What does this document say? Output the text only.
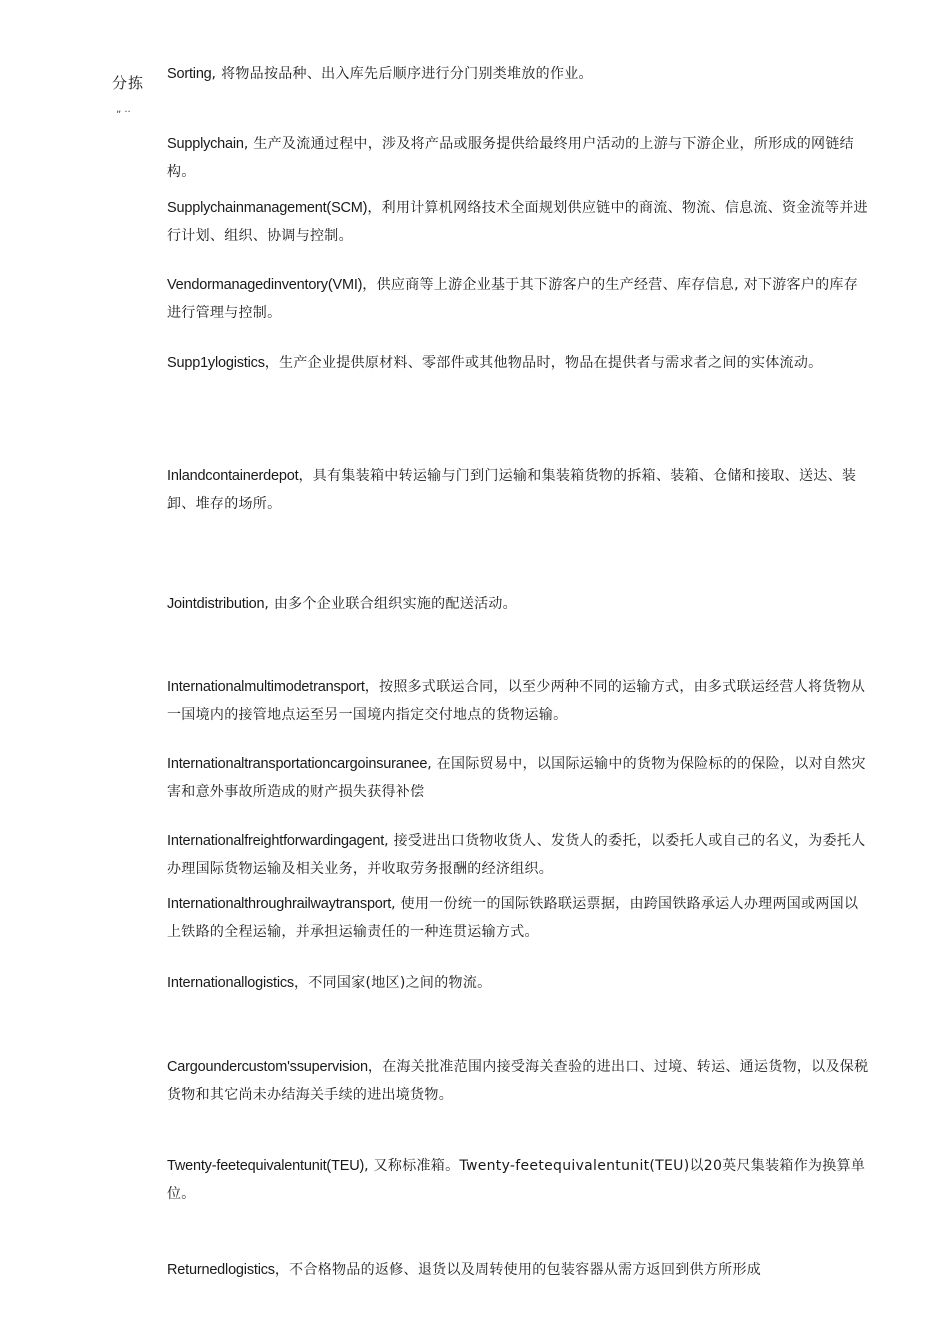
分拣
„ ..

Sorting, 将物品按品种、出入库先后顺序进行分门别类堆放的作业。

Supplychain, 生产及流通过程中，涉及将产品或服务提供给最终用户活动的上游与下游企业，所形成的网链结构。

Supplychainmanagement(SCM)，利用计算机网络技术全面规划供应链中的商流、物流、信息流、资金流等并进行计划、组织、协调与控制。

Vendormanagedinventory(VMI)，供应商等上游企业基于其下游客户的生产经营、库存信息, 对下游客户的库存进行管理与控制。

Supp1ylogistics，生产企业提供原材料、零部件或其他物品时，物品在提供者与需求者之间的实体流动。

Inlandcontainerdepot，具有集装箱中转运输与门到门运输和集装箱货物的拆箱、装箱、仓储和接取、送达、装卸、堆存的场所。

Jointdistribution, 由多个企业联合组织实施的配送活动。

Internationalmultimodetransport，按照多式联运合同，以至少两种不同的运输方式，由多式联运经营人将货物从一国境内的接管地点运至另一国境内指定交付地点的货物运输。

Internationaltransportationcargoinsuranee, 在国际贸易中，以国际运输中的货物为保险标的的保险，以对自然灾害和意外事故所造成的财产损失获得补偿

Internationalfreightforwardingagent, 接受进出口货物收货人、发货人的委托，以委托人或自己的名义，为委托人办理国际货物运输及相关业务，并收取劳务报酬的经济组织。

Internationalthroughrailwaytransport, 使用一份统一的国际铁路联运票据，由跨国铁路承运人办理两国或两国以上铁路的全程运输，并承担运输责任的一种连贯运输方式。

Internationallogistics，不同国家(地区)之间的物流。

Cargoundercustom'ssupervision，在海关批准范围内接受海关查验的进出口、过境、转运、通运货物，以及保税货物和其它尚未办结海关手续的进出境货物。

Twenty-feetequivalentunit(TEU), 又称标准箱。Twenty-feetequivalentunit(TEU)以20英尺集装箱作为换算单位。

Returnedlogistics，不合格物品的返修、退货以及周转使用的包装容器从需方返回到供方所形成
